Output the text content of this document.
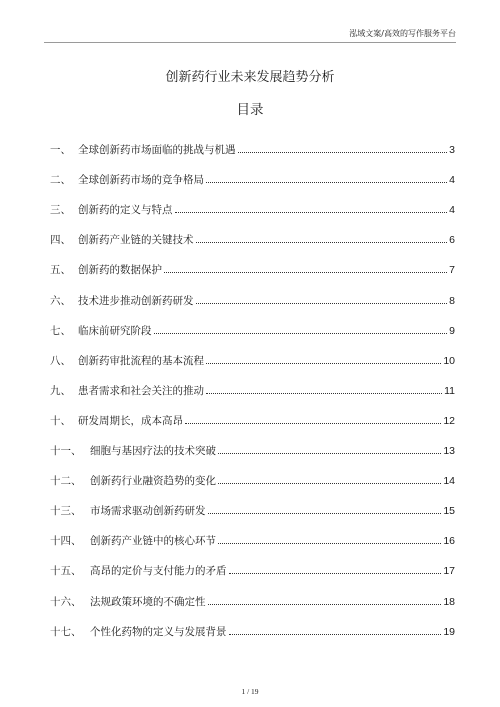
泓域文案/高效的写作服务平台
创新药行业未来发展趋势分析
目录
一、 全球创新药市场面临的挑战与机遇	3
二、 全球创新药市场的竞争格局	4
三、 创新药的定义与特点	4
四、 创新药产业链的关键技术	6
五、 创新药的数据保护	7
六、 技术进步推动创新药研发	8
七、 临床前研究阶段	9
八、 创新药审批流程的基本流程	10
九、 患者需求和社会关注的推动	11
十、 研发周期长，成本高昂	12
十一、 细胞与基因疗法的技术突破	13
十二、 创新药行业融资趋势的变化	14
十三、 市场需求驱动创新药研发	15
十四、 创新药产业链中的核心环节	16
十五、 高昂的定价与支付能力的矛盾	17
十六、 法规政策环境的不确定性	18
十七、 个性化药物的定义与发展背景	19
1 / 19
